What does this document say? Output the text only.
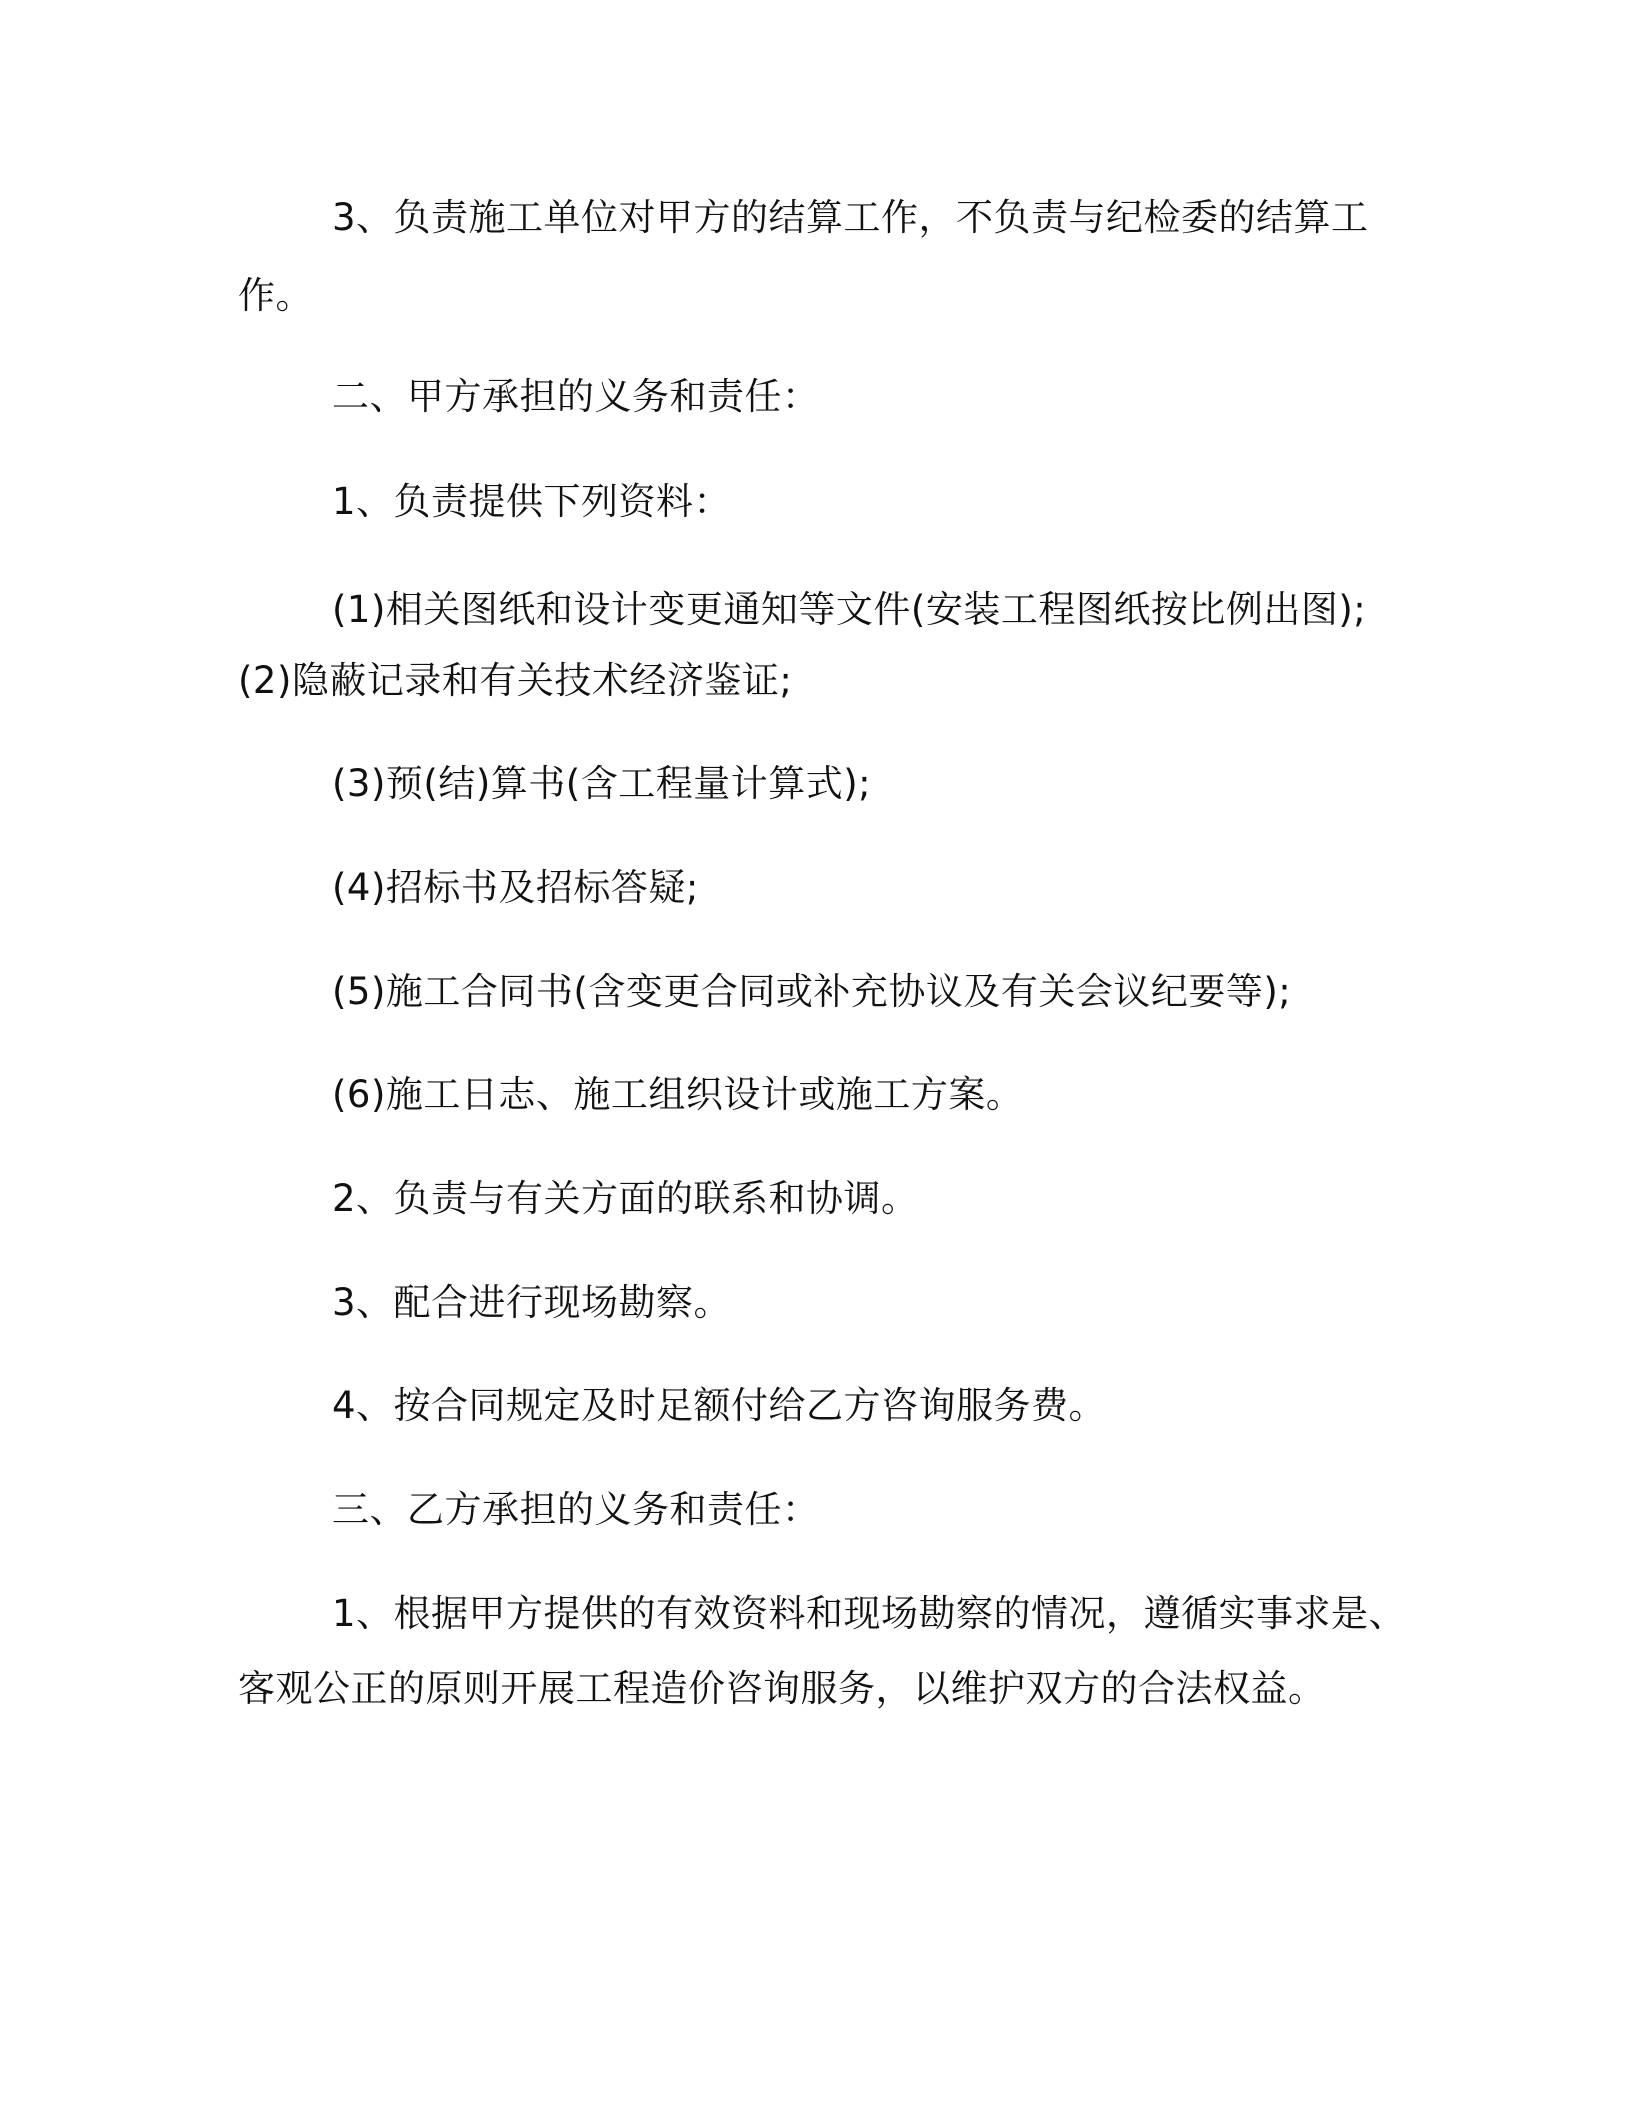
3、负责施工单位对甲方的结算工作，不负责与纪检委的结算工
作。
二、甲方承担的义务和责任：
1、负责提供下列资料：
(1)相关图纸和设计变更通知等文件(安装工程图纸按比例出图);
(2)隐蔽记录和有关技术经济鉴证;
(3)预(结)算书(含工程量计算式);
(4)招标书及招标答疑;
(5)施工合同书(含变更合同或补充协议及有关会议纪要等);
(6)施工日志、施工组织设计或施工方案。
2、负责与有关方面的联系和协调。
3、配合进行现场勘察。
4、按合同规定及时足额付给乙方咨询服务费。
三、乙方承担的义务和责任：
1、根据甲方提供的有效资料和现场勘察的情况，遵循实事求是、
客观公正的原则开展工程造价咨询服务，以维护双方的合法权益。
